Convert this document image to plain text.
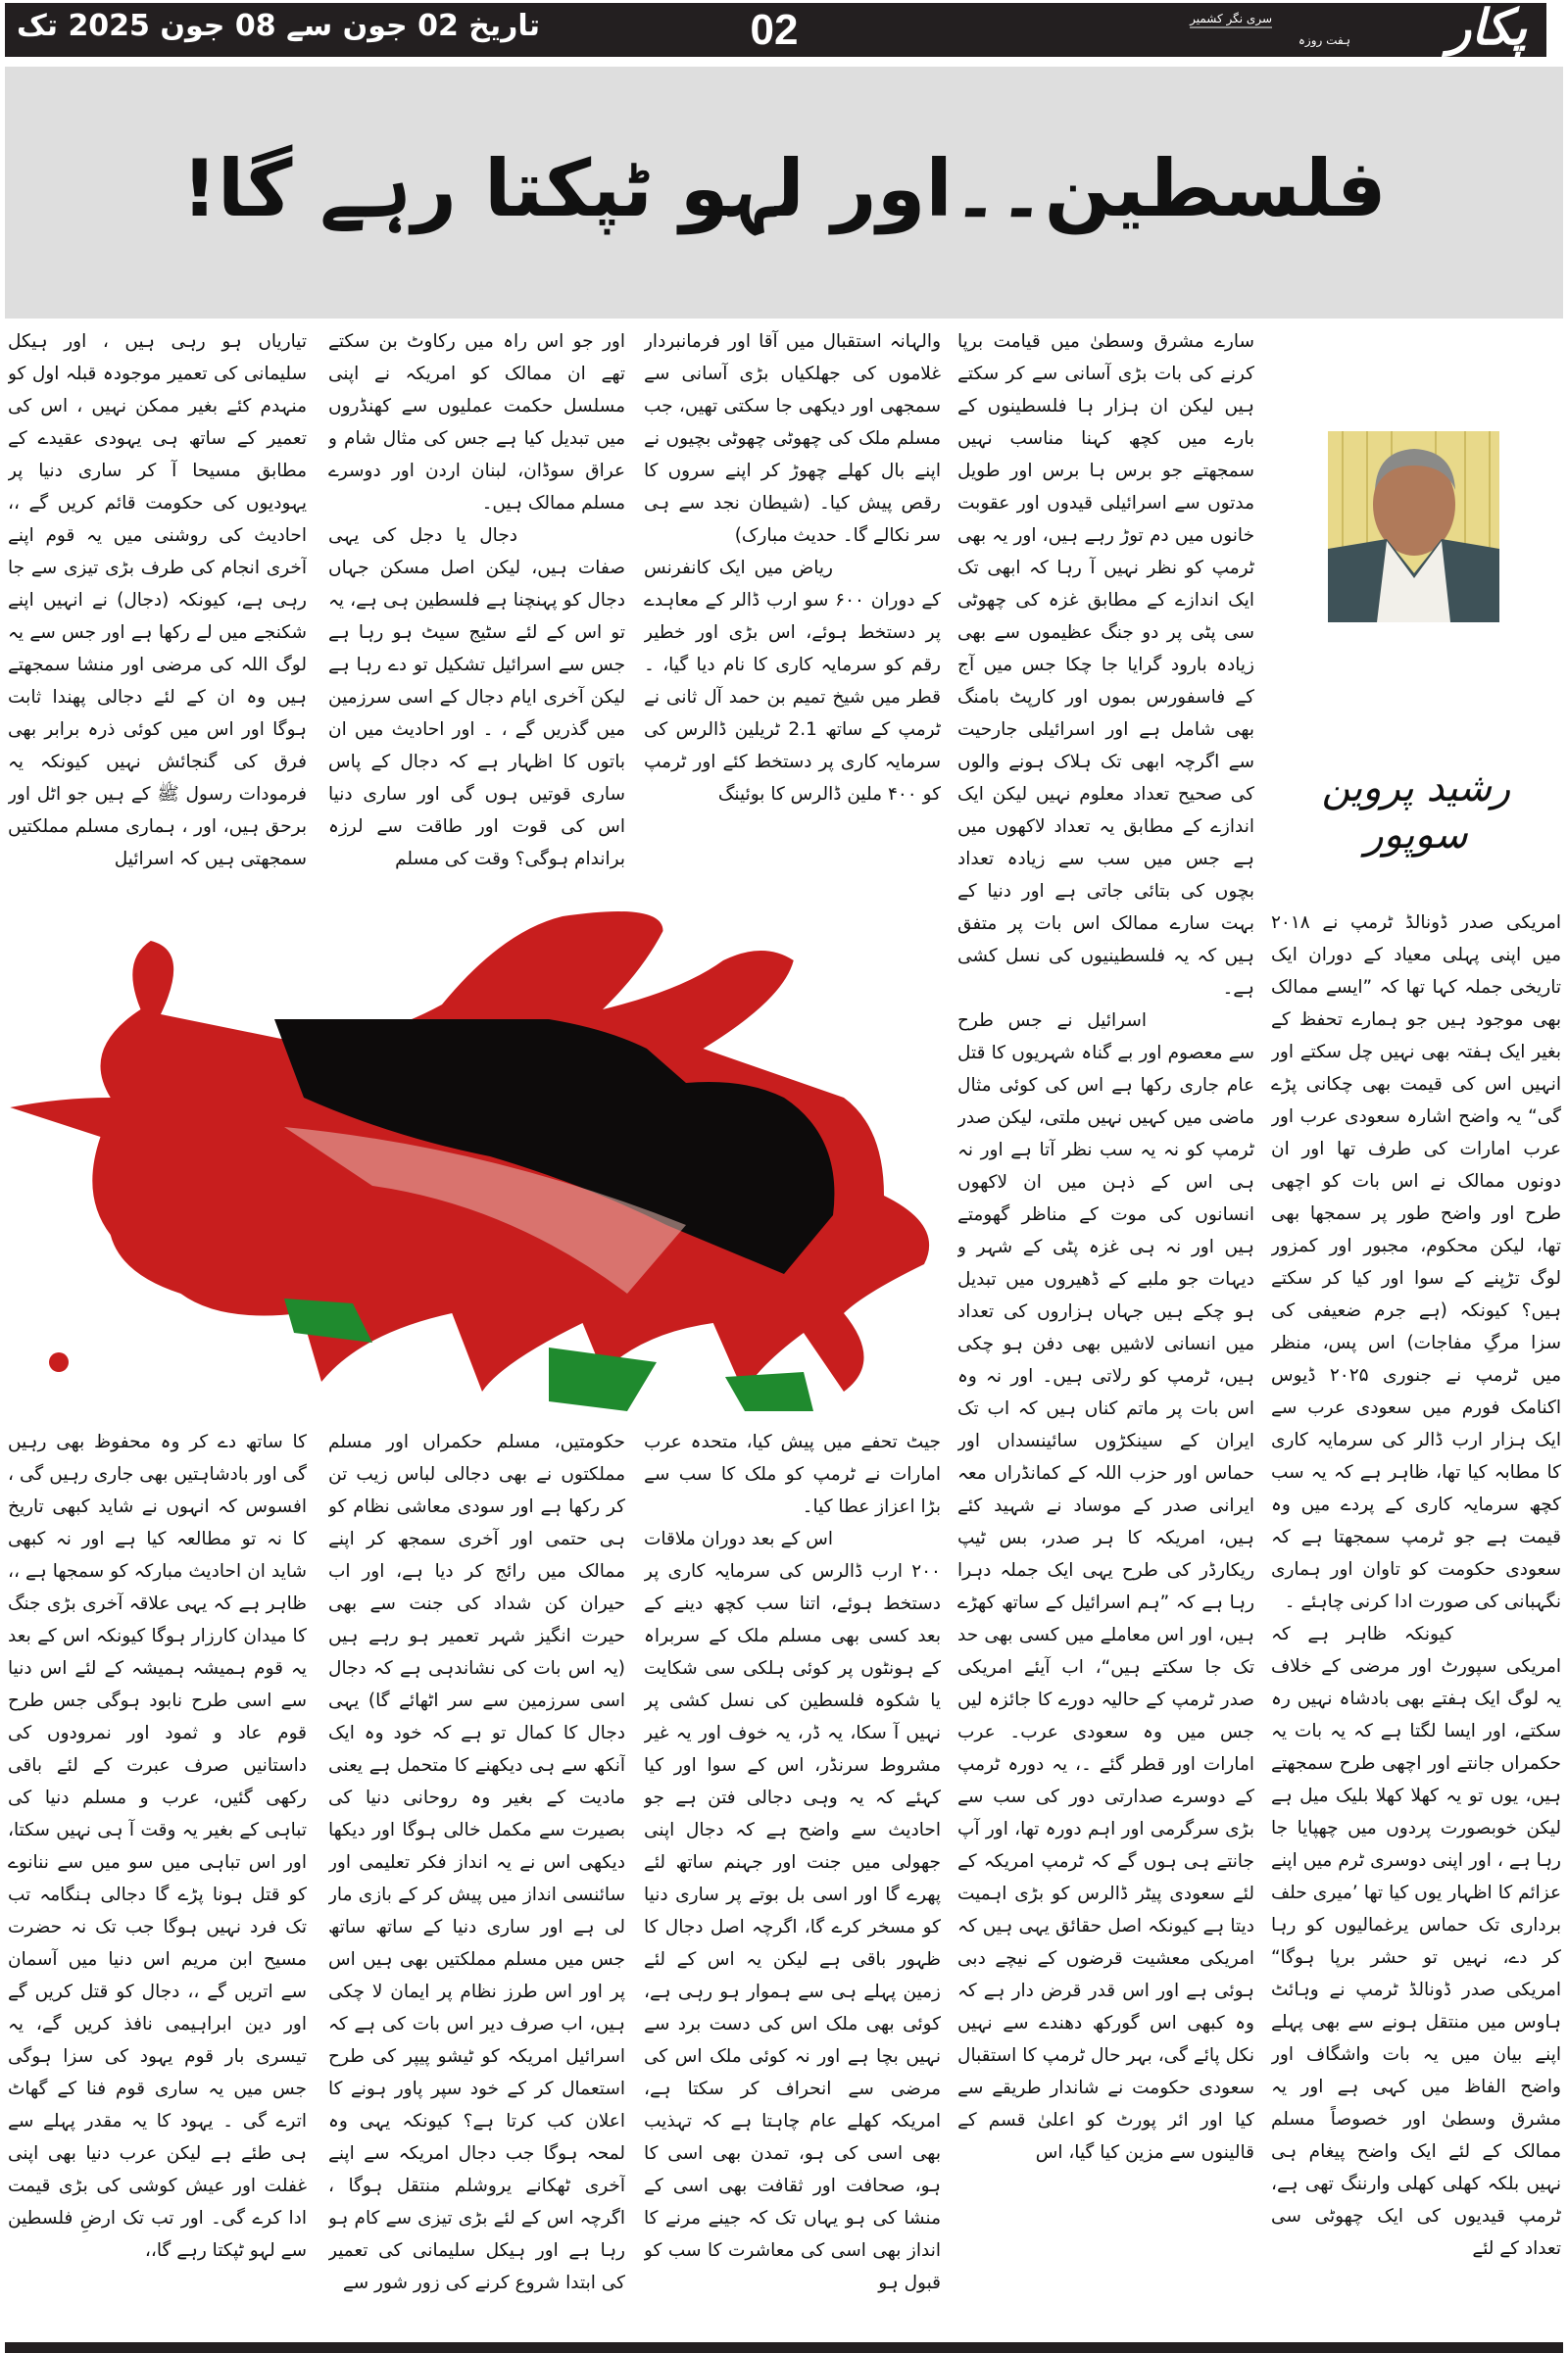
تاریخ 02 جون سے 08 جون 2025 تک	02	سری نگر کشمیر
ہفت روزہ پکار
فلسطین۔۔اور لہو ٹپکتا رہے گا!
رشید پروین سوپور

امریکی صدر ڈونالڈ ٹرمپ نے ۲۰۱۸ میں اپنی پہلی معیاد کے دوران ایک تاریخی جملہ کہا تھا کہ ”ایسے ممالک بھی موجود ہیں جو ہمارے تحفظ کے بغیر ایک ہفتہ بھی نہیں چل سکتے اور انہیں اس کی قیمت بھی چکانی پڑے گی“ یہ واضح اشارہ سعودی عرب اور عرب امارات کی طرف تھا اور ان دونوں ممالک نے اس بات کو اچھی طرح اور واضح طور پر سمجھا بھی تھا، لیکن محکوم، مجبور اور کمزور لوگ تڑپنے کے سوا اور کیا کر سکتے ہیں؟ کیونکہ (ہے جرم ضعیفی کی سزا مرگِ مفاجات) اس پس، منظر میں ٹرمپ نے جنوری ۲۰۲۵ ڈیوس اکنامک فورم میں سعودی عرب سے ایک ہزار ارب ڈالر کی سرمایہ کاری کا مطابہ کیا تھا، ظاہر ہے کہ یہ سب کچھ سرمایہ کاری کے پردے میں وہ قیمت ہے جو ٹرمپ سمجھتا ہے کہ سعودی حکومت کو تاوان اور ہماری نگہبانی کی صورت ادا کرنی چاہئے ۔

کیونکہ ظاہر ہے کہ امریکی سپورٹ اور مرضی کے خلاف یہ لوگ ایک ہفتے بھی بادشاہ نہیں رہ سکتے، اور ایسا لگتا ہے کہ یہ بات یہ حکمراں جانتے اور اچھی طرح سمجھتے ہیں، یوں تو یہ کھلا کھلا بلیک میل ہے لیکن خوبصورت پردوں میں چھپایا جا رہا ہے ، اور اپنی دوسری ٹرم میں اپنے عزائم کا اظہار یوں کیا تھا ’میری حلف برداری تک حماس یرغمالیوں کو رہا کر دے، نہیں تو حشر برپا ہوگا“ امریکی صدر ڈونالڈ ٹرمپ نے وہائٹ ہاوس میں منتقل ہونے سے بھی پہلے اپنے بیان میں یہ بات واشگاف اور واضح الفاظ میں کہی ہے اور یہ مشرق وسطیٰ اور خصوصاً مسلم ممالک کے لئے ایک واضح پیغام ہی نہیں بلکہ کھلی کھلی وارننگ تھی ہے، ٹرمپ قیدیوں کی ایک چھوٹی سی تعداد کے لئے

سارے مشرق وسطیٰ میں قیامت برپا کرنے کی بات بڑی آسانی سے کر سکتے ہیں لیکن ان ہزار ہا فلسطینوں کے بارے میں کچھ کہنا مناسب نہیں سمجھتے جو برس ہا برس اور طویل مدتوں سے اسرائیلی قیدوں اور عقوبت خانوں میں دم توڑ رہے ہیں، اور یہ بھی ٹرمپ کو نظر نہیں آ رہا کہ ابھی تک ایک اندازے کے مطابق غزہ کی چھوٹی سی پٹی پر دو جنگ عظیموں سے بھی زیادہ بارود گرایا جا چکا جس میں آج کے فاسفورس بموں اور کارپٹ بامنگ بھی شامل ہے اور اسرائیلی جارحیت سے اگرچہ ابھی تک ہلاک ہونے والوں کی صحیح تعداد معلوم نہیں لیکن ایک اندازے کے مطابق یہ تعداد لاکھوں میں ہے جس میں سب سے زیادہ تعداد بچوں کی بتائی جاتی ہے اور دنیا کے بہت سارے ممالک اس بات پر متفق ہیں کہ یہ فلسطینیوں کی نسل کشی ہے۔

اسرائیل نے جس طرح سے معصوم اور بے گناہ شہریوں کا قتل عام جاری رکھا ہے اس کی کوئی مثال ماضی میں کہیں نہیں ملتی، لیکن صدر ٹرمپ کو نہ یہ سب نظر آتا ہے اور نہ ہی اس کے ذہن میں ان لاکھوں انسانوں کی موت کے مناظر گھومتے ہیں اور نہ ہی غزہ پٹی کے شہر و دیہات جو ملبے کے ڈھیروں میں تبدیل ہو چکے ہیں جہاں ہزاروں کی تعداد میں انسانی لاشیں بھی دفن ہو چکی ہیں، ٹرمپ کو رلاتی ہیں۔ اور نہ وہ اس بات پر ماتم کناں ہیں کہ اب تک ایران کے سینکڑوں سائینسداں اور حماس اور حزب اللہ کے کمانڈراں معہ ایرانی صدر کے موساد نے شہید کئے ہیں، امریکہ کا ہر صدر، بس ٹیپ ریکارڈر کی طرح یہی ایک جملہ دہرا رہا ہے کہ ”ہم اسرائیل کے ساتھ کھڑے ہیں، اور اس معاملے میں کسی بھی حد تک جا سکتے ہیں“، اب آیئے امریکی صدر ٹرمپ کے حالیہ دورے کا جائزہ لیں جس میں وہ سعودی عرب۔ عرب امارات اور قطر گئے ۔، یہ دورہ ٹرمپ کے دوسرے صدارتی دور کی سب سے بڑی سرگرمی اور اہم دورہ تھا، اور آپ جانتے ہی ہوں گے کہ ٹرمپ امریکہ کے لئے سعودی پیٹر ڈالرس کو بڑی اہمیت دیتا ہے کیونکہ اصل حقائق یہی ہیں کہ امریکی معشیت قرضوں کے نیچے دبی ہوئی ہے اور اس قدر قرض دار ہے کہ وہ کبھی اس گورکھ دھندے سے نہیں نکل پائے گی، بہر حال ٹرمپ کا استقبال سعودی حکومت نے شاندار طریقے سے کیا اور ائر پورٹ کو اعلیٰ قسم کے قالینوں سے مزین کیا گیا، اس

والہانہ استقبال میں آقا اور فرمانبردار غلاموں کی جھلکیاں بڑی آسانی سے سمجھی اور دیکھی جا سکتی تھیں، جب مسلم ملک کی چھوٹی چھوٹی بچیوں نے اپنے بال کھلے چھوڑ کر اپنے سروں کا رقص پیش کیا۔ (شیطان نجد سے ہی سر نکالے گا۔ حدیث مبارک)

ریاض میں ایک کانفرنس کے دوران ۶۰۰ سو ارب ڈالر کے معاہدے پر دستخط ہوئے، اس بڑی اور خطیر رقم کو سرمایہ کاری کا نام دیا گیا، ۔قطر میں شیخ تمیم بن حمد آل ثانی نے ٹرمپ کے ساتھ 2.1 ٹریلین ڈالرس کی سرمایہ کاری پر دستخط کئے اور ٹرمپ کو ۴۰۰ ملین ڈالرس کا بوئینگ

اور جو اس راہ میں رکاوٹ بن سکتے تھے ان ممالک کو امریکہ نے اپنی مسلسل حکمت عملیوں سے کھنڈروں میں تبدیل کیا ہے جس کی مثال شام و عراق سوڈان، لبنان اردن اور دوسرے مسلم ممالک ہیں۔

دجال یا دجل کی یہی صفات ہیں، لیکن اصل مسکن جہاں دجال کو پہنچنا ہے فلسطین ہی ہے، یہ تو اس کے لئے سٹیج سیٹ ہو رہا ہے جس سے اسرائیل تشکیل تو دے رہا ہے لیکن آخری ایام دجال کے اسی سرزمین میں گذریں گے ، ۔ اور احادیث میں ان باتوں کا اظہار ہے کہ دجال کے پاس ساری قوتیں ہوں گی اور ساری دنیا اس کی قوت اور طاقت سے لرزہ براندام ہوگی؟ وقت کی مسلم

تیاریاں ہو رہی ہیں ، اور ہیکل سلیمانی کی تعمیر موجودہ قبلہ اول کو منہدم کئے بغیر ممکن نہیں ، اس کی تعمیر کے ساتھ ہی یہودی عقیدے کے مطابق مسیحا آ کر ساری دنیا پر یہودیوں کی حکومت قائم کریں گے ،، احادیث کی روشنی میں یہ قوم اپنے آخری انجام کی طرف بڑی تیزی سے جا رہی ہے، کیونکہ (دجال) نے انہیں اپنے شکنجے میں لے رکھا ہے اور جس سے یہ لوگ اللہ کی مرضی اور منشا سمجھتے ہیں وہ ان کے لئے دجالی پھندا ثابت ہوگا اور اس میں کوئی ذرہ برابر بھی فرق کی گنجائش نہیں کیونکہ یہ فرمودات رسول ﷺ کے ہیں جو اٹل اور برحق ہیں، اور ، ہماری مسلم مملکتیں سمجھتی ہیں کہ اسرائیل

جیٹ تحفے میں پیش کیا، متحدہ عرب امارات نے ٹرمپ کو ملک کا سب سے بڑا اعزاز عطا کیا۔

اس کے بعد دوران ملاقات ۲۰۰ ارب ڈالرس کی سرمایہ کاری پر دستخط ہوئے، اتنا سب کچھ دینے کے بعد کسی بھی مسلم ملک کے سربراہ کے ہونٹوں پر کوئی ہلکی سی شکایت یا شکوہ فلسطین کی نسل کشی پر نہیں آ سکا، یہ ڈر، یہ خوف اور یہ غیر مشروط سرنڈر، اس کے سوا اور کیا کہئے کہ یہ وہی دجالی فتن ہے جو احادیث سے واضح ہے کہ دجال اپنی جھولی میں جنت اور جہنم ساتھ لئے پھرے گا اور اسی بل بوتے پر ساری دنیا کو مسخر کرے گا، اگرچہ اصل دجال کا ظہور باقی ہے لیکن یہ اس کے لئے زمین پہلے ہی سے ہموار ہو رہی ہے، کوئی بھی ملک اس کی دست برد سے نہیں بچا ہے اور نہ کوئی ملک اس کی مرضی سے انحراف کر سکتا ہے، امریکہ کھلے عام چاہتا ہے کہ تہذیب بھی اسی کی ہو، تمدن بھی اسی کا ہو، صحافت اور ثقافت بھی اسی کے منشا کی ہو یہاں تک کہ جینے مرنے کا انداز بھی اسی کی معاشرت کا سب کو قبول ہو

حکومتیں، مسلم حکمراں اور مسلم مملکتوں نے بھی دجالی لباس زیب تن کر رکھا ہے اور سودی معاشی نظام کو ہی حتمی اور آخری سمجھ کر اپنے ممالک میں رائج کر دیا ہے، اور اب حیران کن شداد کی جنت سے بھی حیرت انگیز شہر تعمیر ہو رہے ہیں (یہ اس بات کی نشاندہی ہے کہ دجال اسی سرزمین سے سر اٹھائے گا) یہی دجال کا کمال تو ہے کہ خود وہ ایک آنکھ سے ہی دیکھنے کا متحمل ہے یعنی مادیت کے بغیر وہ روحانی دنیا کی بصیرت سے مکمل خالی ہوگا اور دیکھا دیکھی اس نے یہ انداز فکر تعلیمی اور سائنسی انداز میں پیش کر کے بازی مار لی ہے اور ساری دنیا کے ساتھ ساتھ جس میں مسلم مملکتیں بھی ہیں اس پر اور اس طرز نظام پر ایمان لا چکی ہیں، اب صرف دیر اس بات کی ہے کہ اسرائیل امریکہ کو ٹیشو پیپر کی طرح استعمال کر کے خود سپر پاور ہونے کا اعلان کب کرتا ہے؟ کیونکہ یہی وہ لمحہ ہوگا جب دجال امریکہ سے اپنے آخری ٹھکانے یروشلم منتقل ہوگا ، اگرچہ اس کے لئے بڑی تیزی سے کام ہو رہا ہے اور ہیکل سلیمانی کی تعمیر کی ابتدا شروع کرنے کی زور شور سے

کا ساتھ دے کر وہ محفوظ بھی رہیں گی اور بادشاہتیں بھی جاری رہیں گی ، افسوس کہ انہوں نے شاید کبھی تاریخ کا نہ تو مطالعہ کیا ہے اور نہ کبھی شاید ان احادیث مبارکہ کو سمجھا ہے ،، ظاہر ہے کہ یہی علاقہ آخری بڑی جنگ کا میدان کارزار ہوگا کیونکہ اس کے بعد یہ قوم ہمیشہ ہمیشہ کے لئے اس دنیا سے اسی طرح نابود ہوگی جس طرح قوم عاد و ثمود اور نمرودوں کی داستانیں صرف عبرت کے لئے باقی رکھی گئیں، عرب و مسلم دنیا کی تباہی کے بغیر یہ وقت آ ہی نہیں سکتا، اور اس تباہی میں سو میں سے ننانوے کو قتل ہونا پڑے گا دجالی ہنگامہ تب تک فرد نہیں ہوگا جب تک نہ حضرت مسیح ابن مریم اس دنیا میں آسمان سے اتریں گے ،، دجال کو قتل کریں گے اور دین ابراہیمی نافذ کریں گے، یہ تیسری بار قوم یہود کی سزا ہوگی جس میں یہ ساری قوم فنا کے گھاٹ اترے گی ۔ یہود کا یہ مقدر پہلے سے ہی طئے ہے لیکن عرب دنیا بھی اپنی غفلت اور عیش کوشی کی بڑی قیمت ادا کرے گی۔ اور تب تک ارضِ فلسطین سے لہو ٹپکتا رہے گا،،
